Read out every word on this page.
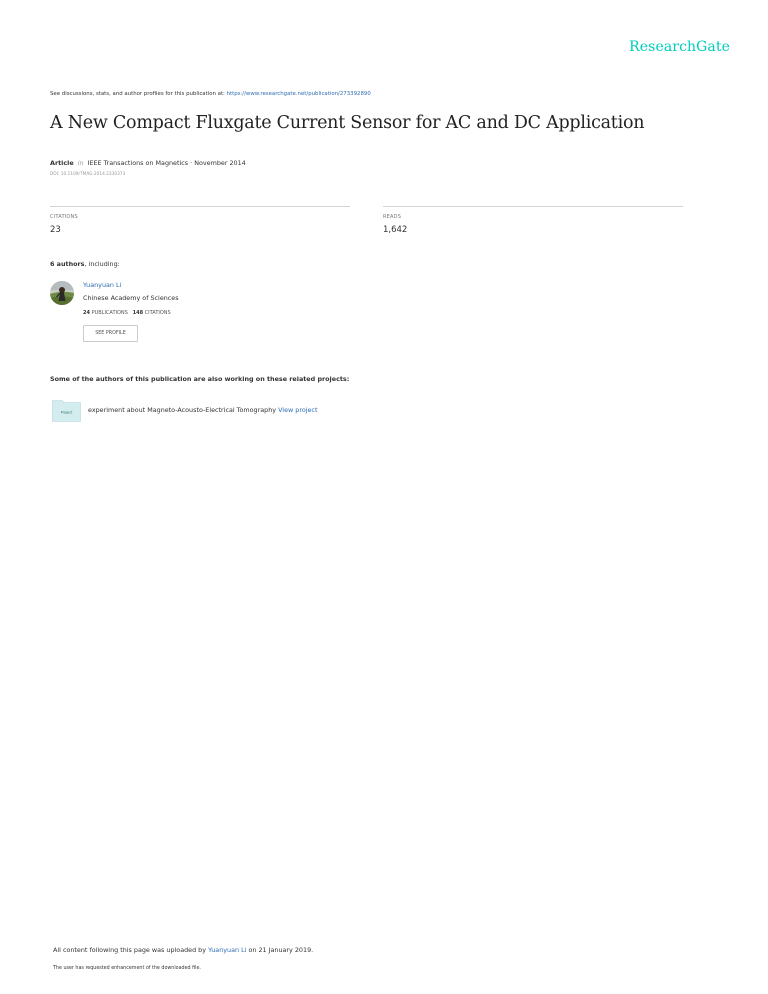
ResearchGate
See discussions, stats, and author profiles for this publication at: https://www.researchgate.net/publication/273392890
A New Compact Fluxgate Current Sensor for AC and DC Application
Article in IEEE Transactions on Magnetics · November 2014
DOI: 10.1109/TMAG.2014.2330373
CITATIONS
23
READS
1,642
6 authors, including:
Yuanyuan Li
Chinese Academy of Sciences
24 PUBLICATIONS 148 CITATIONS
SEE PROFILE
Some of the authors of this publication are also working on these related projects:
Project experiment about Magneto-Acousto-Electrical Tomography View project
All content following this page was uploaded by Yuanyuan Li on 21 January 2019.
The user has requested enhancement of the downloaded file.
